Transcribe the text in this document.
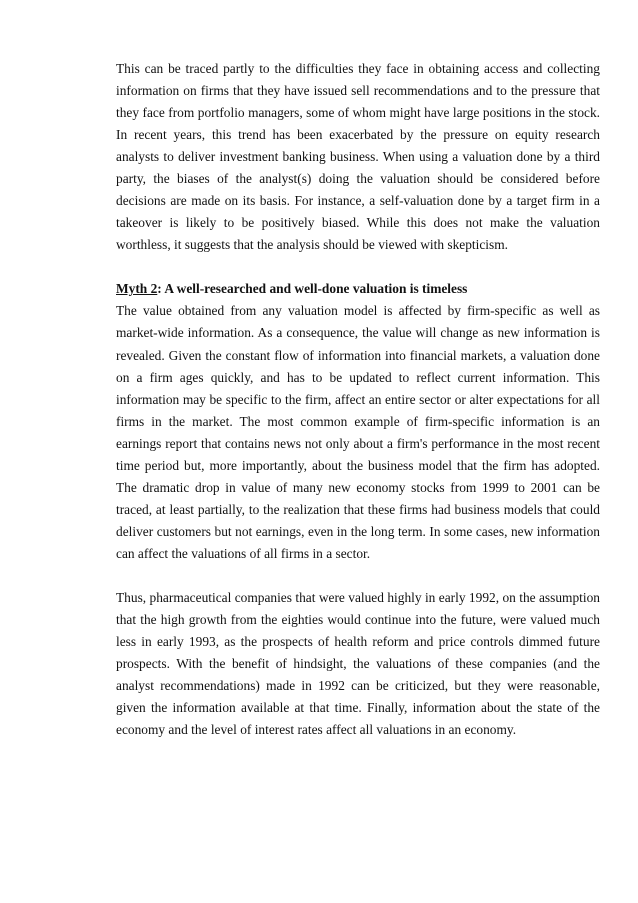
This can be traced partly to the difficulties they face in obtaining access and collecting information on firms that they have issued sell recommendations and to the pressure that they face from portfolio managers, some of whom might have large positions in the stock. In recent years, this trend has been exacerbated by the pressure on equity research analysts to deliver investment banking business. When using a valuation done by a third party, the biases of the analyst(s) doing the valuation should be considered before decisions are made on its basis. For instance, a self-valuation done by a target firm in a takeover is likely to be positively biased. While this does not make the valuation worthless, it suggests that the analysis should be viewed with skepticism.

Myth 2: A well-researched and well-done valuation is timeless

The value obtained from any valuation model is affected by firm-specific as well as market-wide information. As a consequence, the value will change as new information is revealed. Given the constant flow of information into financial markets, a valuation done on a firm ages quickly, and has to be updated to reflect current information. This information may be specific to the firm, affect an entire sector or alter expectations for all firms in the market. The most common example of firm-specific information is an earnings report that contains news not only about a firm's performance in the most recent time period but, more importantly, about the business model that the firm has adopted. The dramatic drop in value of many new economy stocks from 1999 to 2001 can be traced, at least partially, to the realization that these firms had business models that could deliver customers but not earnings, even in the long term. In some cases, new information can affect the valuations of all firms in a sector.

Thus, pharmaceutical companies that were valued highly in early 1992, on the assumption that the high growth from the eighties would continue into the future, were valued much less in early 1993, as the prospects of health reform and price controls dimmed future prospects. With the benefit of hindsight, the valuations of these companies (and the analyst recommendations) made in 1992 can be criticized, but they were reasonable, given the information available at that time. Finally, information about the state of the economy and the level of interest rates affect all valuations in an economy.
